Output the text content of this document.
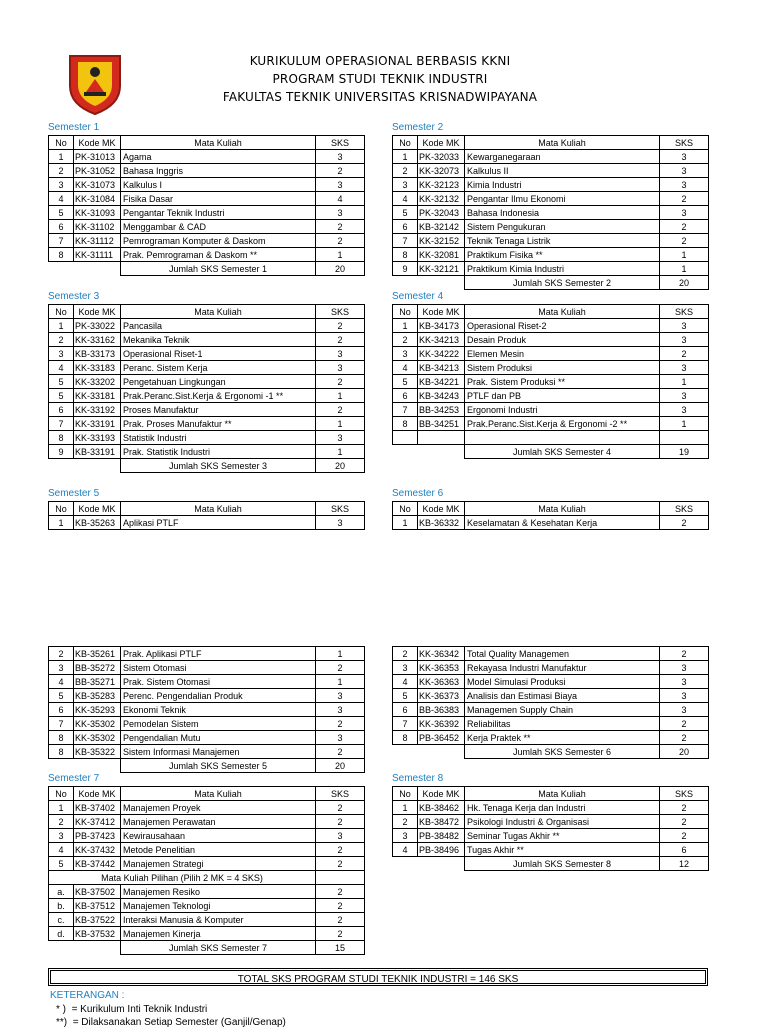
KURIKULUM OPERASIONAL BERBASIS KKNI
PROGRAM STUDI TEKNIK INDUSTRI
FAKULTAS TEKNIK UNIVERSITAS KRISNADWIPAYANA
Semester 1
No	Kode MK	Mata Kuliah	SKS
1	PK-31013	Agama	3
2	PK-31052	Bahasa Inggris	2
3	KK-31073	Kalkulus I	3
4	KK-31084	Fisika Dasar	4
5	KK-31093	Pengantar Teknik Industri	3
6	KK-31102	Menggambar & CAD	2
7	KK-31112	Pemrograman Komputer & Daskom	2
8	KK-31111	Prak. Pemrograman & Daskom **	1
		Jumlah SKS Semester 1	20
Semester 2
No	Kode MK	Mata Kuliah	SKS
1	PK-32033	Kewarganegaraan	3
2	KK-32073	Kalkulus II	3
3	KK-32123	Kimia Industri	3
4	KK-32132	Pengantar Ilmu Ekonomi	2
5	PK-32043	Bahasa Indonesia	3
6	KB-32142	Sistem Pengukuran	2
7	KK-32152	Teknik Tenaga Listrik	2
8	KK-32081	Praktikum Fisika **	1
9	KK-32121	Praktikum Kimia Industri	1
		Jumlah SKS Semester 2	20
Semester 3
No	Kode MK	Mata Kuliah	SKS
1	PK-33022	Pancasila	2
2	KK-33162	Mekanika Teknik	2
3	KB-33173	Operasional Riset-1	3
4	KK-33183	Peranc. Sistem Kerja	3
5	KK-33202	Pengetahuan Lingkungan	2
5	KK-33181	Prak.Peranc.Sist.Kerja & Ergonomi -1 **	1
6	KK-33192	Proses Manufaktur	2
7	KK-33191	Prak. Proses Manufaktur **	1
8	KK-33193	Statistik Industri	3
9	KB-33191	Prak. Statistik Industri	1
		Jumlah SKS Semester 3	20
Semester 4
No	Kode MK	Mata Kuliah	SKS
1	KB-34173	Operasional Riset-2	3
2	KK-34213	Desain Produk	3
3	KK-34222	Elemen Mesin	2
4	KB-34213	Sistem Produksi	3
5	KB-34221	Prak. Sistem Produksi **	1
6	KB-34243	PTLF dan PB	3
7	BB-34253	Ergonomi Industri	3
8	BB-34251	Prak.Peranc.Sist.Kerja & Ergonomi -2 **	1

		Jumlah SKS Semester 4	19
Semester 5
No	Kode MK	Mata Kuliah	SKS
1	KB-35263	Aplikasi PTLF	3
Semester 6
No	Kode MK	Mata Kuliah	SKS
1	KB-36332	Keselamatan & Kesehatan Kerja	2
2	KB-35261	Prak. Aplikasi PTLF	1
3	BB-35272	Sistem Otomasi	2
4	BB-35271	Prak. Sistem Otomasi	1
5	KB-35283	Perenc. Pengendalian Produk	3
6	KK-35293	Ekonomi Teknik	3
7	KK-35302	Pemodelan Sistem	2
8	KK-35302	Pengendalian Mutu	3
8	KB-35322	Sistem Informasi Manajemen	2
		Jumlah SKS Semester 5	20
2	KK-36342	Total Quality Managemen	2
3	KK-36353	Rekayasa Industri Manufaktur	3
4	KK-36363	Model Simulasi Produksi	3
5	KK-36373	Analisis dan Estimasi Biaya	3
6	BB-36383	Managemen Supply Chain	3
7	KK-36392	Reliabilitas	2
8	PB-36452	Kerja Praktek **	2
		Jumlah SKS Semester 6	20
Semester 7
No	Kode MK	Mata Kuliah	SKS
1	KB-37402	Manajemen Proyek	2
2	KK-37412	Manajemen Perawatan	2
3	PB-37423	Kewirausahaan	3
4	KK-37432	Metode Penelitian	2
5	KB-37442	Manajemen Strategi	2
Mata Kuliah Pilihan (Pilih 2 MK = 4 SKS)			
a.	KB-37502	Manajemen Resiko	2
b.	KB-37512	Manajemen Teknologi	2
c.	KB-37522	Interaksi Manusia & Komputer	2
d.	KB-37532	Manajemen Kinerja	2
		Jumlah SKS Semester 7	15
Semester 8
No	Kode MK	Mata Kuliah	SKS
1	KB-38462	Hk. Tenaga Kerja dan Industri	2
2	KB-38472	Psikologi Industri & Organisasi	2
3	PB-38482	Seminar Tugas Akhir **	2
4	PB-38496	Tugas Akhir **	6
		Jumlah SKS Semester 8	12
TOTAL SKS PROGRAM STUDI TEKNIK INDUSTRI = 146 SKS
KETERANGAN :
* ) = Kurikulum Inti Teknik Industri
**) = Dilaksanakan Setiap Semester (Ganjil/Genap)
